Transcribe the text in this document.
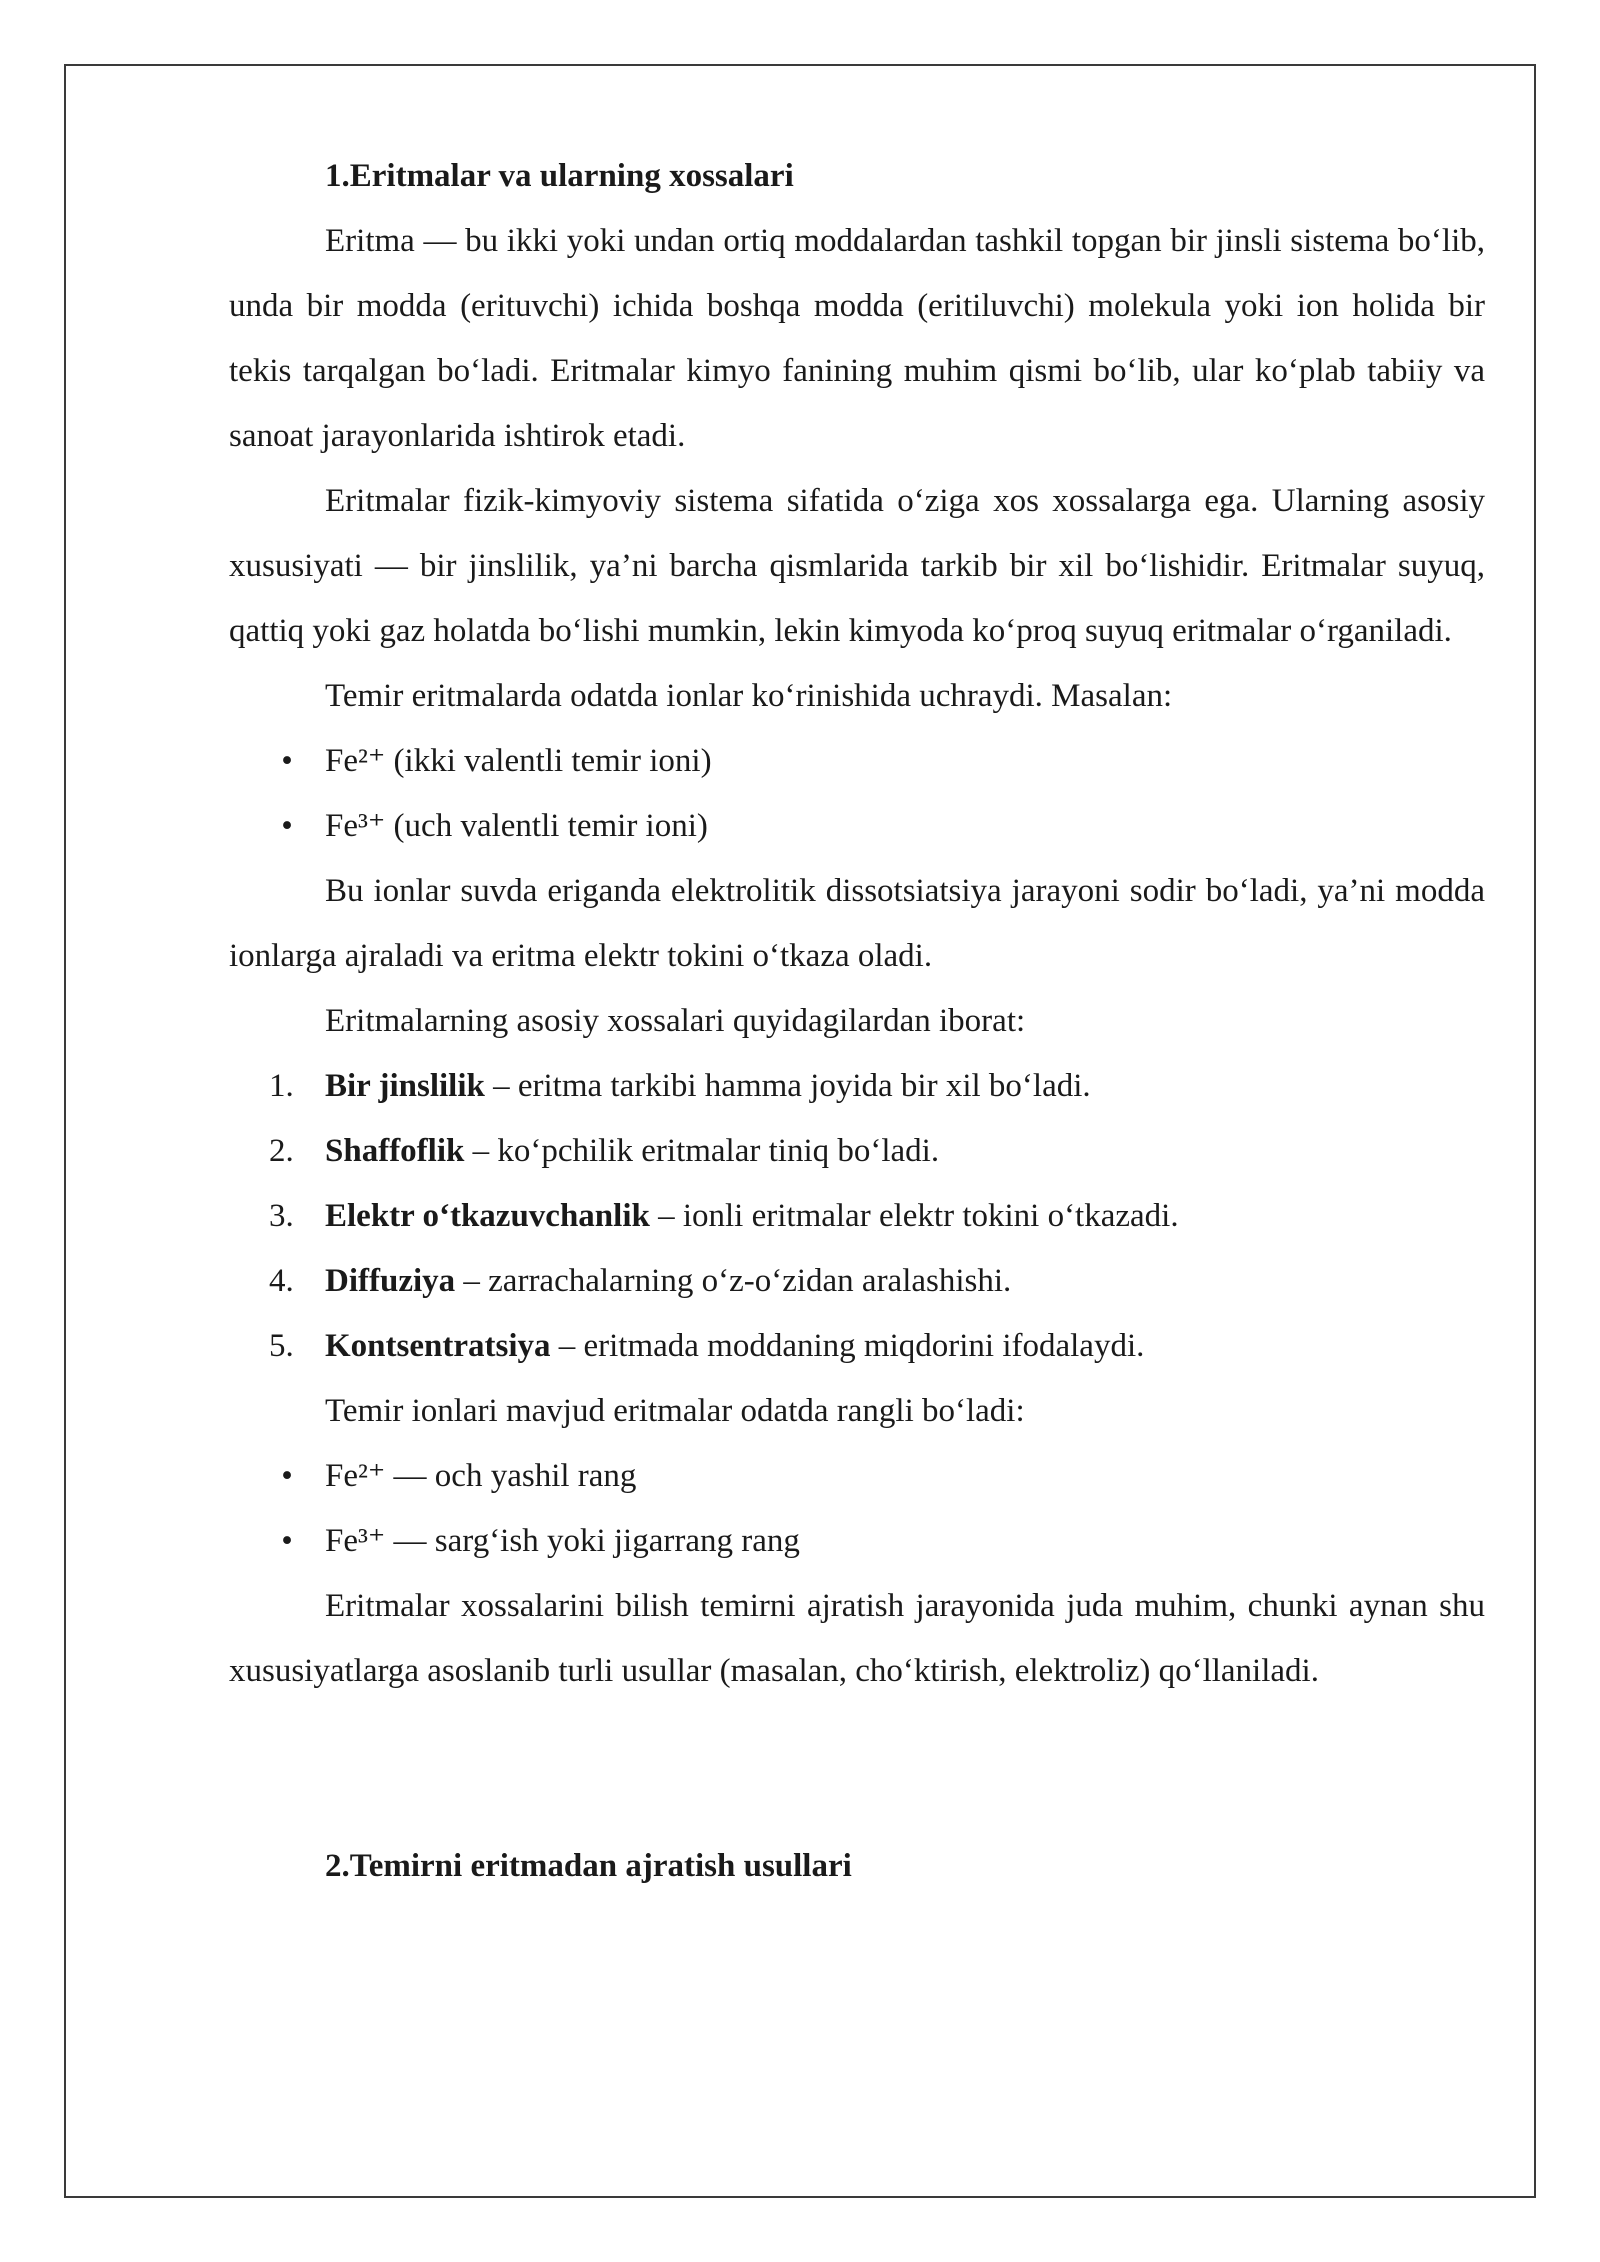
1.Eritmalar va ularning xossalari

Eritma — bu ikki yoki undan ortiq moddalardan tashkil topgan bir jinsli sistema bo‘lib, unda bir modda (erituvchi) ichida boshqa modda (eritiluvchi) molekula yoki ion holida bir tekis tarqalgan bo‘ladi. Eritmalar kimyo fanining muhim qismi bo‘lib, ular ko‘plab tabiiy va sanoat jarayonlarida ishtirok etadi.

Eritmalar fizik-kimyoviy sistema sifatida o‘ziga xos xossalarga ega. Ularning asosiy xususiyati — bir jinslilik, ya’ni barcha qismlarida tarkib bir xil bo‘lishidir. Eritmalar suyuq, qattiq yoki gaz holatda bo‘lishi mumkin, lekin kimyoda ko‘proq suyuq eritmalar o‘rganiladi.

Temir eritmalarda odatda ionlar ko‘rinishida uchraydi. Masalan:

• Fe²⁺ (ikki valentli temir ioni)
• Fe³⁺ (uch valentli temir ioni)

Bu ionlar suvda eriganda elektrolitik dissotsiatsiya jarayoni sodir bo‘ladi, ya’ni modda ionlarga ajraladi va eritma elektr tokini o‘tkaza oladi.

Eritmalarning asosiy xossalari quyidagilardan iborat:

1. Bir jinslilik – eritma tarkibi hamma joyida bir xil bo‘ladi.
2. Shaffoflik – ko‘pchilik eritmalar tiniq bo‘ladi.
3. Elektr o‘tkazuvchanlik – ionli eritmalar elektr tokini o‘tkazadi.
4. Diffuziya – zarrachalarning o‘z-o‘zidan aralashishi.
5. Kontsentratsiya – eritmada moddaning miqdorini ifodalaydi.

Temir ionlari mavjud eritmalar odatda rangli bo‘ladi:

• Fe²⁺ — och yashil rang
• Fe³⁺ — sarg‘ish yoki jigarrang rang

Eritmalar xossalarini bilish temirni ajratish jarayonida juda muhim, chunki aynan shu xususiyatlarga asoslanib turli usullar (masalan, cho‘ktirish, elektroliz) qo‘llaniladi.

2.Temirni eritmadan ajratish usullari
